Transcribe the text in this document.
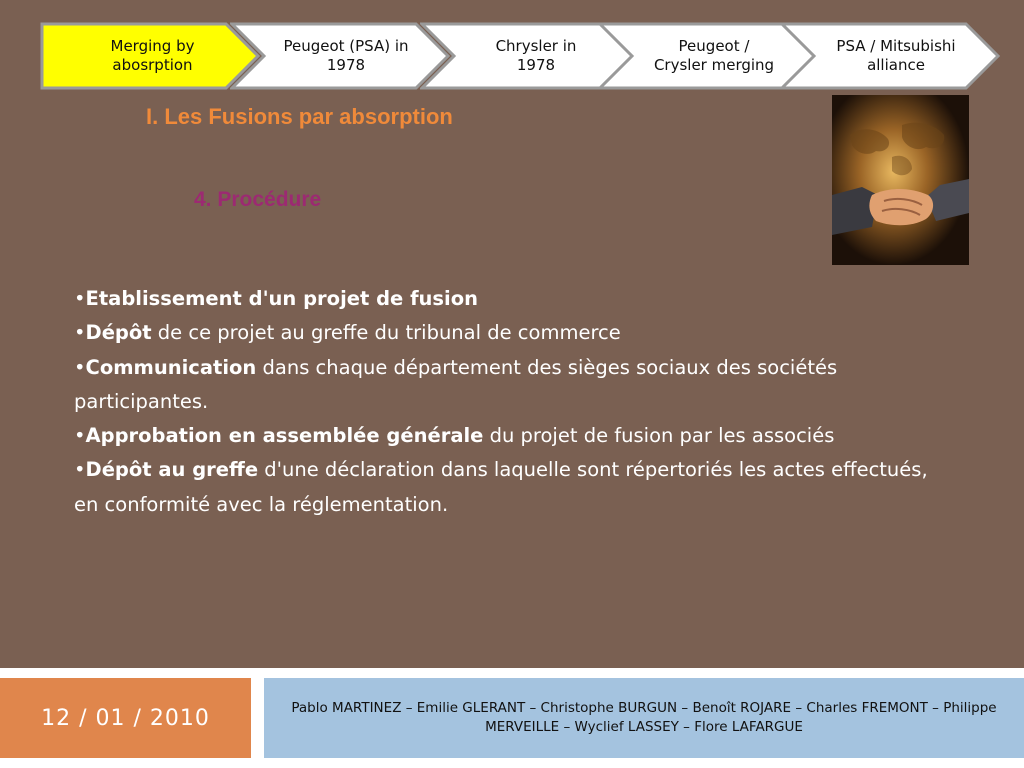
Merging by
abosrption
Peugeot (PSA) in
1978
Chrysler in
1978
Peugeot /
Crysler merging
PSA / Mitsubishi
alliance
I. Les Fusions par absorption
4. Procédure

•Etablissement d'un projet de fusion

•Dépôt de ce projet au greffe du tribunal de commerce

•Communication dans chaque département des sièges sociaux des sociétés participantes.

•Approbation en assemblée générale du projet de fusion par les associés

•Dépôt au greffe d'une déclaration dans laquelle sont répertoriés les actes effectués, en conformité avec la réglementation.

12 / 01 / 2010	Pablo MARTINEZ – Emilie GLERANT – Christophe BURGUN – Benoît ROJARE – Charles FREMONT – Philippe MERVEILLE – Wyclief LASSEY – Flore LAFARGUE
